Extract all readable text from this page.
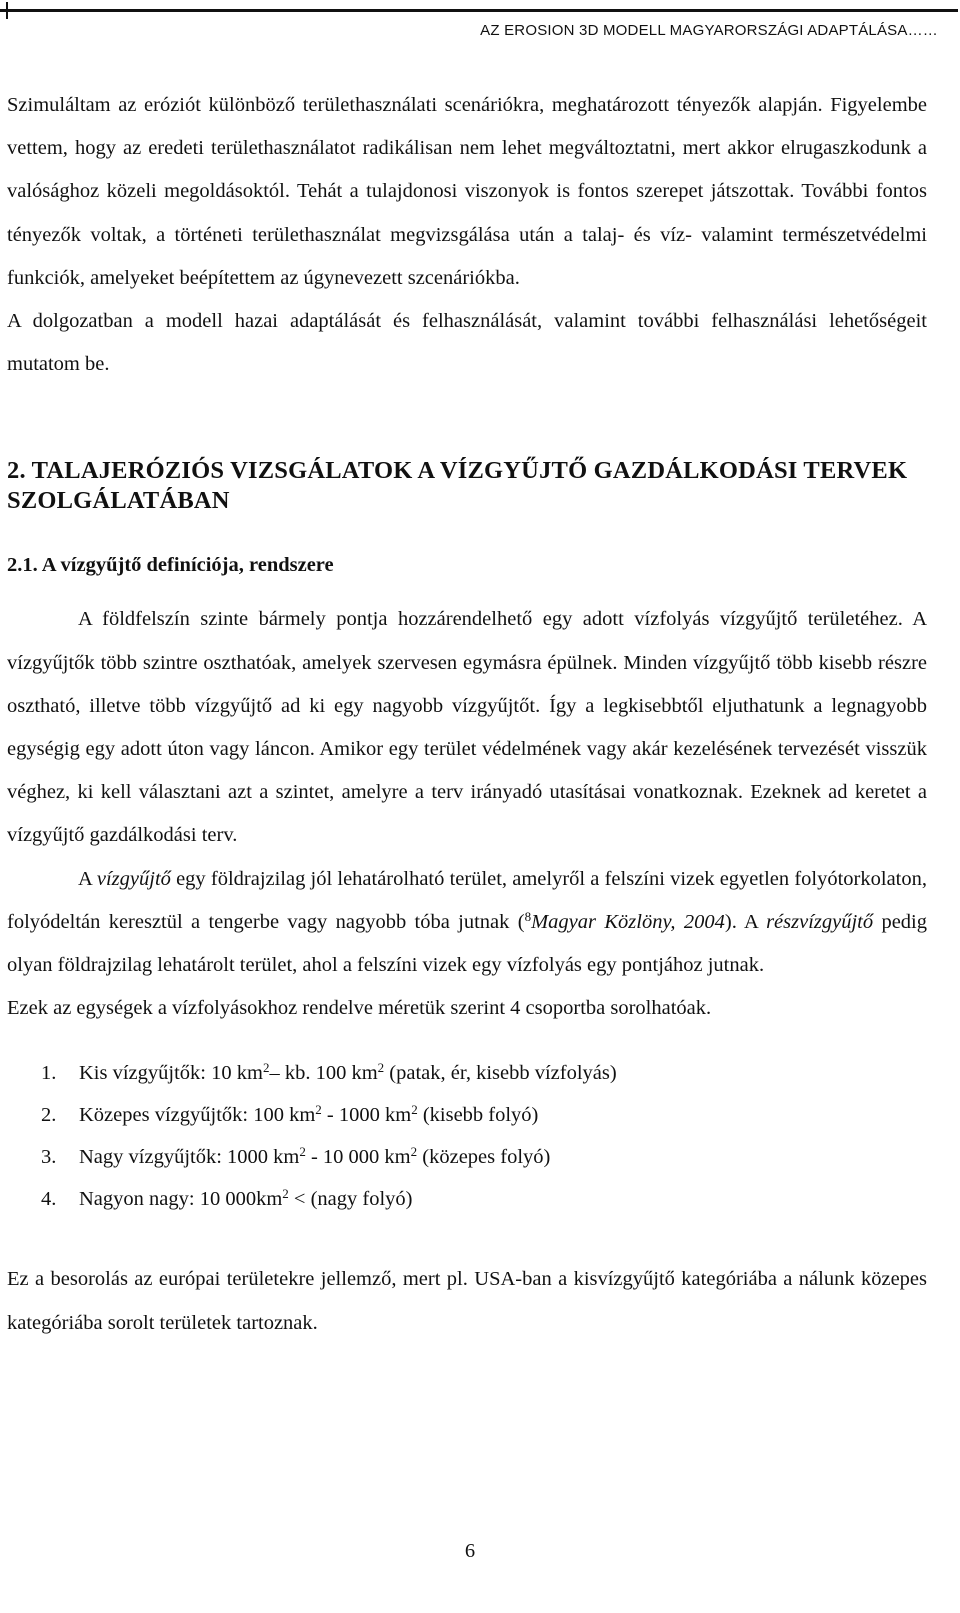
AZ EROSION 3D MODELL MAGYARORSZÁGI ADAPTÁLÁSA……

Szimuláltam az eróziót különböző területhasználati scenáriókra, meghatározott tényezők alapján. Figyelembe vettem, hogy az eredeti területhasználatot radikálisan nem lehet megváltoztatni, mert akkor elrugaszkodunk a valósághoz közeli megoldásoktól. Tehát a tulajdonosi viszonyok is fontos szerepet játszottak. További fontos tényezők voltak, a történeti területhasználat megvizsgálása után a talaj- és víz- valamint természetvédelmi funkciók, amelyeket beépítettem az úgynevezett szcenáriókba.

A dolgozatban a modell hazai adaptálását és felhasználását, valamint további felhasználási lehetőségeit mutatom be.

2. TALAJERÓZIÓS VIZSGÁLATOK A VÍZGYŰJTŐ GAZDÁLKODÁSI TERVEK SZOLGÁLATÁBAN
2.1. A vízgyűjtő definíciója, rendszere

A földfelszín szinte bármely pontja hozzárendelhető egy adott vízfolyás vízgyűjtő területéhez. A vízgyűjtők több szintre oszthatóak, amelyek szervesen egymásra épülnek. Minden vízgyűjtő több kisebb részre osztható, illetve több vízgyűjtő ad ki egy nagyobb vízgyűjtőt. Így a legkisebbtől eljuthatunk a legnagyobb egységig egy adott úton vagy láncon. Amikor egy terület védelmének vagy akár kezelésének tervezését visszük véghez, ki kell választani azt a szintet, amelyre a terv irányadó utasításai vonatkoznak. Ezeknek ad keretet a vízgyűjtő gazdálkodási terv.

A vízgyűjtő egy földrajzilag jól lehatárolható terület, amelyről a felszíni vizek egyetlen folyótorkolaton, folyódeltán keresztül a tengerbe vagy nagyobb tóba jutnak ($^8$Magyar Közlöny, 2004). A részvízgyűjtő pedig olyan földrajzilag lehatárolt terület, ahol a felszíni vizek egy vízfolyás egy pontjához jutnak.

Ezek az egységek a vízfolyásokhoz rendelve méretük szerint 4 csoportba sorolhatóak.

1. Kis vízgyűjtők: 10 $km^2-$ kb. 100 $km^2$ (patak, ér, kisebb vízfolyás)
2. Közepes vízgyűjtők: 100 $km^2 - 1000$ $km^2$ (kisebb folyó)
3. Nagy vízgyűjtők: 1000 $km^2 - 10$ 000 $km^2$ (közepes folyó)
4. Nagyon nagy: 10 $000km^2$ < (nagy folyó)

Ez a besorolás az európai területekre jellemző, mert pl. USA-ban a kisvízgyűjtő kategóriába a nálunk közepes kategóriába sorolt területek tartoznak.

6
